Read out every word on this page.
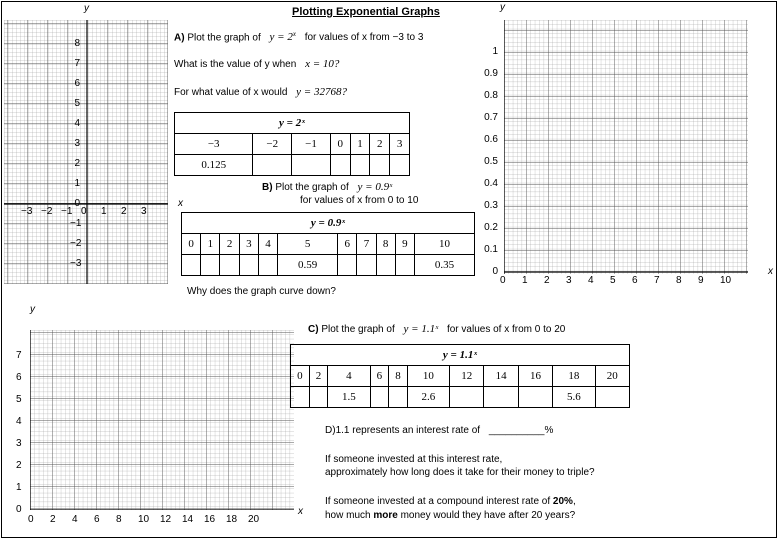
Plotting Exponential Graphs
y
x
8
7
6
5
4
3
2
1
0
−1
−2
−3
−3 −2 −1 0 1 2 3
A) Plot the graph of $y = 2^x$ for values of x from −3 to 3
What is the value of y when x = 10?
For what value of x would y = 32768?
y = 2ˣ						
−3	−2	−1	0	1	2	3
0.125						
y
x
1
0.9
0.8
0.7
0.6
0.5
0.4
0.3
0.2
0.1
0
0 1 2 3 4 5 6 7 8 9 10
B) Plot the graph of y = 0.9ˣ
for values of x from 0 to 10
y = 0.9ˣ										
0	1	2	3	4	5	6	7	8	9	10
					0.59					0.35
Why does the graph curve down?
y
x
7
6
5
4
3
2
1
0
0 2 4 6 8 10 12 14 16 18 20
C) Plot the graph of y = 1.1ˣ for values of x from 0 to 20
y = 1.1ˣ										
0	2	4	6	8	10	12	14	16	18	20
		1.5			2.6				5.6	
D)1.1 represents an interest rate of __________%
If someone invested at this interest rate,
approximately how long does it take for their money to triple?
If someone invested at a compound interest rate of 20%,
how much more money would they have after 20 years?
